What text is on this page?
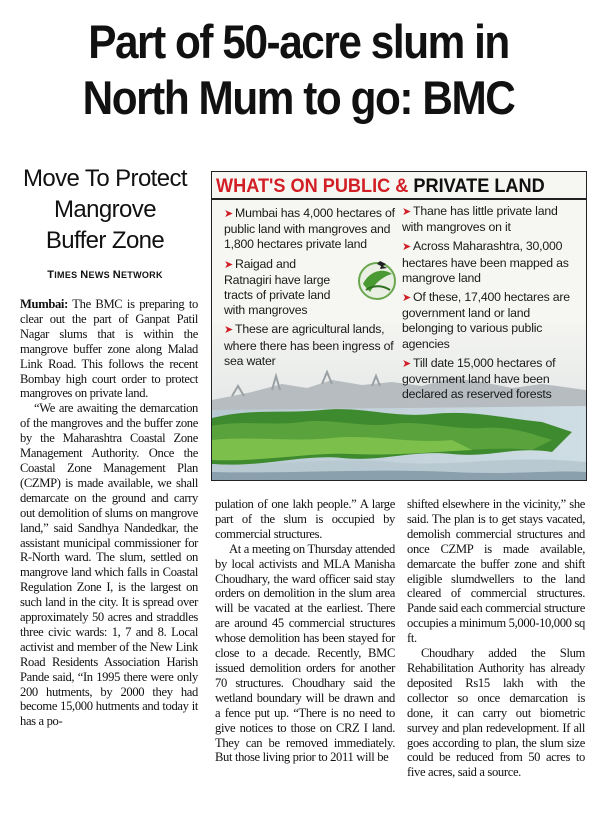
Part of 50-acre slum in
North Mum to go: BMC
Move To Protect
Mangrove
Buffer Zone
TIMES NEWS NETWORK

Mumbai: The BMC is preparing to clear out the part of Ganpat Patil Nagar slums that is within the mangrove buffer zone along Malad Link Road. This follows the recent Bombay high court order to protect mangroves on private land.

“We are awaiting the demarcation of the mangroves and the buffer zone by the Maharashtra Coastal Zone Management Authority. Once the Coastal Zone Management Plan (CZMP) is made available, we shall demarcate on the ground and carry out demolition of slums on mangrove land,” said Sandhya Nandedkar, the assistant municipal commissioner for R-North ward. The slum, settled on mangrove land which falls in Coastal Regulation Zone I, is the largest on such land in the city. It is spread over approximately 50 acres and straddles three civic wards: 1, 7 and 8. Local activist and member of the New Link Road Residents Association Harish Pande said, “In 1995 there were only 200 hutments, by 2000 they had become 15,000 hutments and today it has a po-

pulation of one lakh people.” A large part of the slum is occupied by commercial structures.

At a meeting on Thursday attended by local activists and MLA Manisha Choudhary, the ward officer said stay orders on demolition in the slum area will be vacated at the earliest. There are around 45 commercial structures whose demolition has been stayed for close to a decade. Recently, BMC issued demolition orders for another 70 structures. Choudhary said the wetland boundary will be drawn and a fence put up. “There is no need to give notices to those on CRZ I land. They can be removed immediately. But those living prior to 2011 will be

shifted elsewhere in the vicinity,” she said. The plan is to get stays vacated, demolish commercial structures and once CZMP is made available, demarcate the buffer zone and shift eligible slumdwellers to the land cleared of commercial structures. Pande said each commercial structure occupies a minimum 5,000-10,000 sq ft.

Choudhary added the Slum Rehabilitation Authority has already deposited Rs15 lakh with the collector so once demarcation is done, it can carry out biometric survey and plan redevelopment. If all goes according to plan, the slum size could be reduced from 50 acres to five acres, said a source.

WHAT'S ON PUBLIC & PRIVATE LAND
➤ Mumbai has 4,000 hectares of public land with mangroves and 1,800 hectares private land
➤ Raigad and Ratnagiri have large tracts of private land with mangroves
➤ These are agricultural lands, where there has been ingress of sea water
➤ Thane has little private land with mangroves on it
➤ Across Maharashtra, 30,000 hectares have been mapped as mangrove land
➤ Of these, 17,400 hectares are government land or land belonging to various public agencies
➤ Till date 15,000 hectares of government land have been declared as reserved forests
